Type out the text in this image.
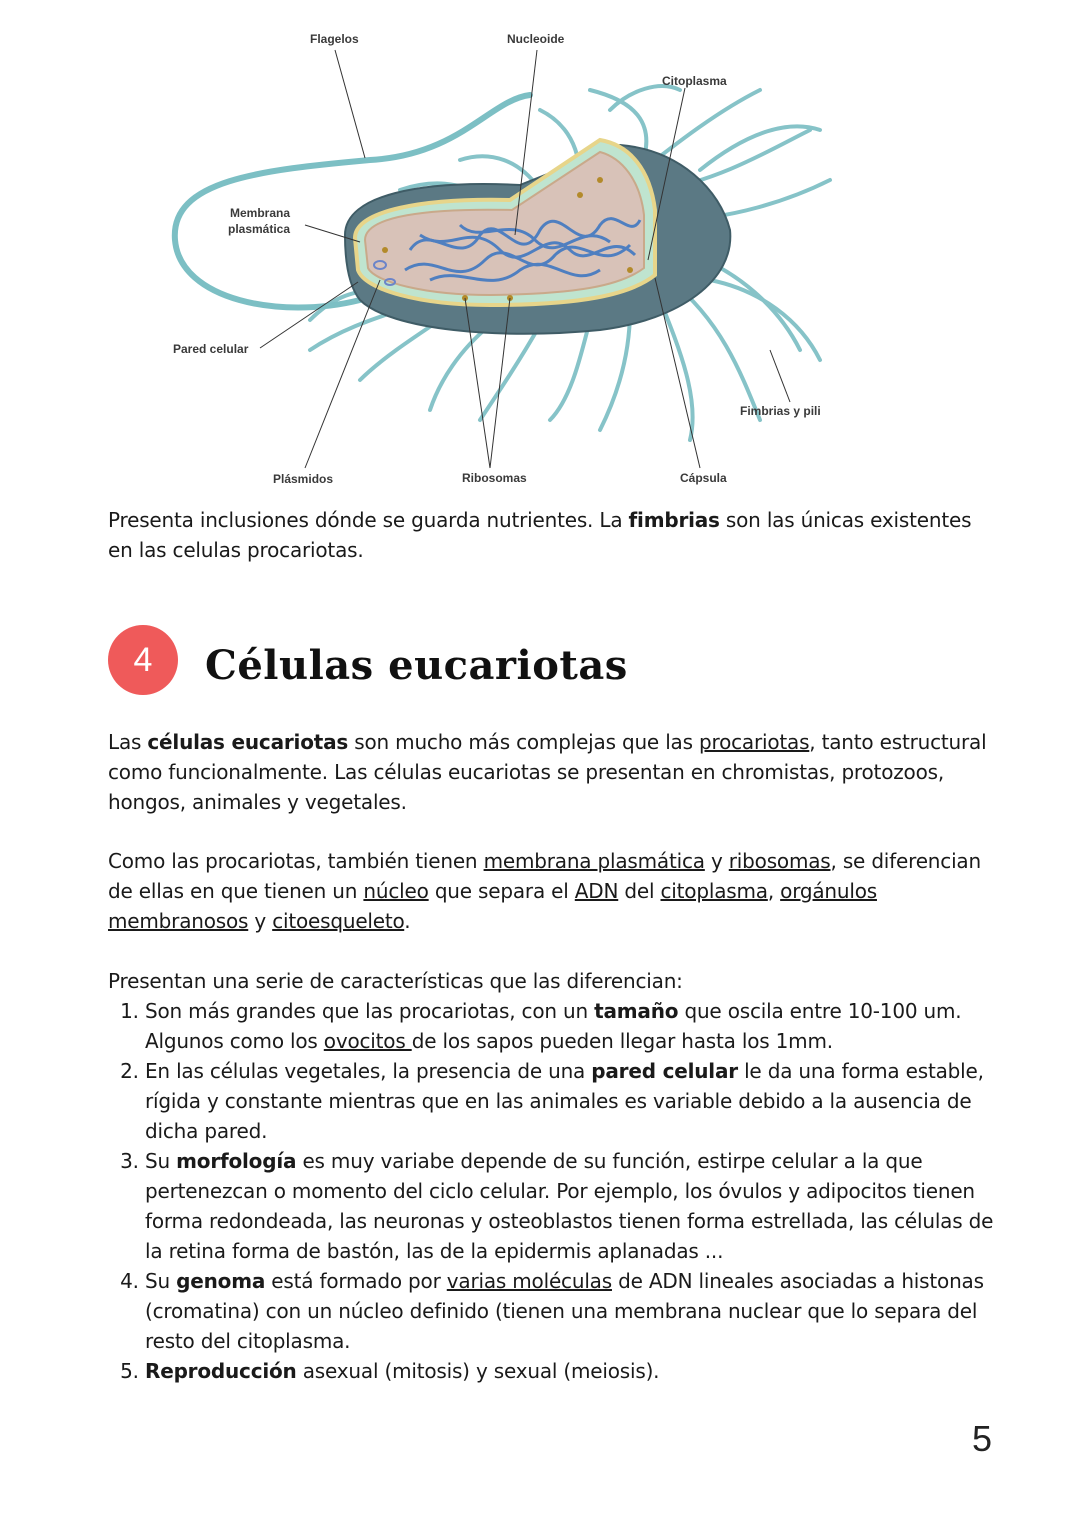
Flagelos	Nucleoide
Citoplasma
Membrana
plasmática
Pared celular
Fimbrias y pili
Plásmidos	Ribosomas	Cápsula

Presenta inclusiones dónde se guarda nutrientes. La fimbrias son las únicas existentes en las celulas procariotas.

4	Células eucariotas

Las células eucariotas son mucho más complejas que las procariotas, tanto estructural como funcionalmente. Las células eucariotas se presentan en chromistas, protozoos, hongos, animales y vegetales.

Como las procariotas, también tienen membrana plasmática y ribosomas, se diferencian de ellas en que tienen un núcleo que separa el ADN del citoplasma, orgánulos membranosos y citoesqueleto.

Presentan una serie de características que las diferencian:

1. Son más grandes que las procariotas, con un tamaño que oscila entre 10-100 um. Algunos como los ovocitos de los sapos pueden llegar hasta los 1mm.
2. En las células vegetales, la presencia de una pared celular le da una forma estable, rígida y constante mientras que en las animales es variable debido a la ausencia de dicha pared.
3. Su morfología es muy variabe depende de su función, estirpe celular a la que pertenezcan o momento del ciclo celular. Por ejemplo, los óvulos y adipocitos tienen forma redondeada, las neuronas y osteoblastos tienen forma estrellada, las células de la retina forma de bastón, las de la epidermis aplanadas ...
4. Su genoma está formado por varias moléculas de ADN lineales asociadas a histonas (cromatina) con un núcleo definido (tienen una membrana nuclear que lo separa del resto del citoplasma.
5. Reproducción asexual (mitosis) y sexual (meiosis).
5
